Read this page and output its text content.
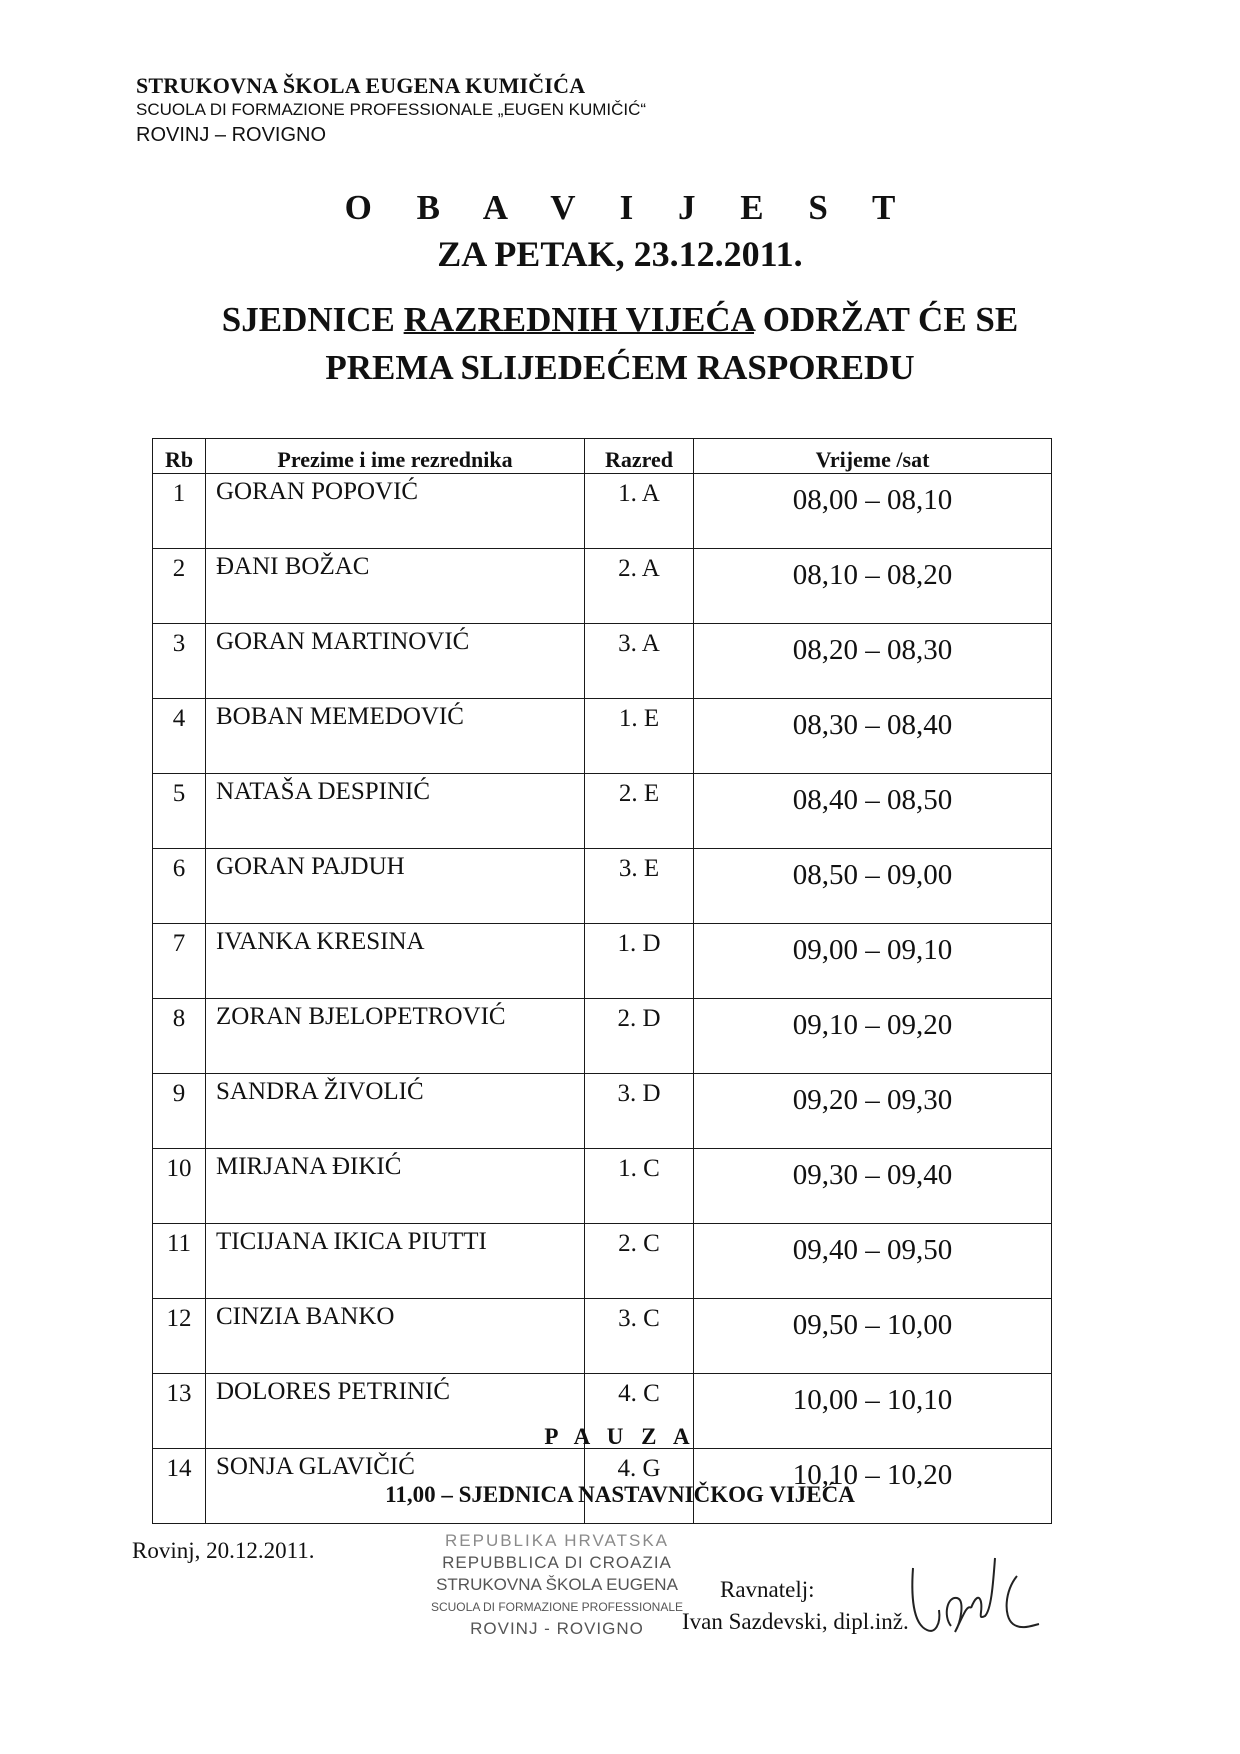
STRUKOVNA ŠKOLA EUGENA KUMIČIĆA
SCUOLA DI FORMAZIONE PROFESSIONALE „EUGEN KUMIČIĆ“
ROVINJ – ROVIGNO
O B A V I J E S T
ZA PETAK, 23.12.2011.
SJEDNICE RAZREDNIH VIJEĆA ODRŽAT ĆE SE
PREMA SLIJEDEĆEM RASPOREDU
Rb	Prezime i ime rezrednika	Razred	Vrijeme /sat
1	GORAN POPOVIĆ	1. A	08,00 – 08,10
2	ĐANI BOŽAC	2. A	08,10 – 08,20
3	GORAN MARTINOVIĆ	3. A	08,20 – 08,30
4	BOBAN MEMEDOVIĆ	1. E	08,30 – 08,40
5	NATAŠA DESPINIĆ	2. E	08,40 – 08,50
6	GORAN PAJDUH	3. E	08,50 – 09,00
7	IVANKA KRESINA	1. D	09,00 – 09,10
8	ZORAN BJELOPETROVIĆ	2. D	09,10 – 09,20
9	SANDRA ŽIVOLIĆ	3. D	09,20 – 09,30
10	MIRJANA ĐIKIĆ	1. C	09,30 – 09,40
11	TICIJANA IKICA PIUTTI	2. C	09,40 – 09,50
12	CINZIA BANKO	3. C	09,50 – 10,00
13	DOLORES PETRINIĆ	4. C	10,00 – 10,10
14	SONJA GLAVIČIĆ	4. G	10,10 – 10,20
P A U Z A
11,00 – SJEDNICA NASTAVNIČKOG VIJEĆA
Rovinj, 20.12.2011.	REPUBLIKA HRVATSKA
REPUBBLICA DI CROAZIA
STRUKOVNA ŠKOLA EUGENA
SCUOLA DI FORMAZIONE PROFESSIONALE
ROVINJ - ROVIGNO
Ravnatelj:
Ivan Sazdevski, dipl.inž.
